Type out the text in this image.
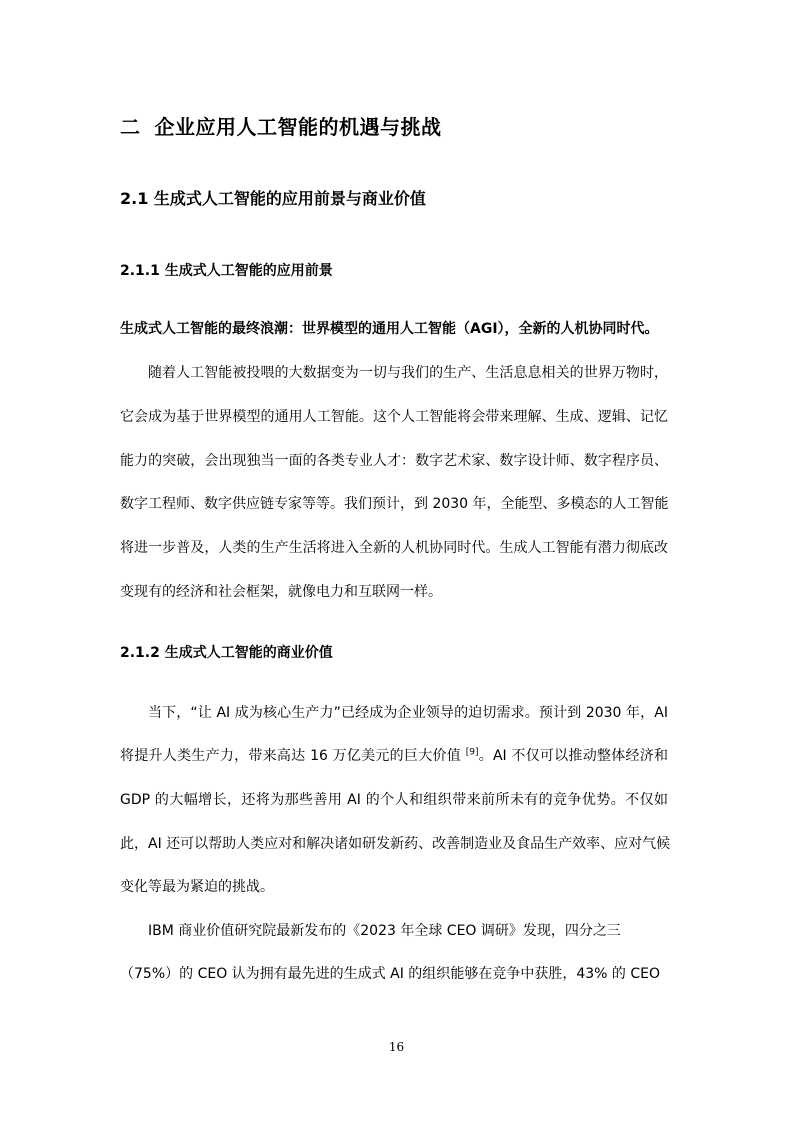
二 企业应用人工智能的机遇与挑战
2.1 生成式人工智能的应用前景与商业价值
2.1.1 生成式人工智能的应用前景
生成式人工智能的最终浪潮：世界模型的通用人工智能（AGI），全新的人机协同时代。
随着人工智能被投喂的大数据变为一切与我们的生产、生活息息相关的世界万物时，
它会成为基于世界模型的通用人工智能。这个人工智能将会带来理解、生成、逻辑、记忆
能力的突破，会出现独当一面的各类专业人才：数字艺术家、数字设计师、数字程序员、
数字工程师、数字供应链专家等等。我们预计，到 2030 年，全能型、多模态的人工智能
将进一步普及，人类的生产生活将进入全新的人机协同时代。生成人工智能有潜力彻底改
变现有的经济和社会框架，就像电力和互联网一样。
2.1.2 生成式人工智能的商业价值
当下，“让 AI 成为核心生产力”已经成为企业领导的迫切需求。预计到 2030 年，AI
将提升人类生产力，带来高达 16 万亿美元的巨大价值 [9]。AI 不仅可以推动整体经济和
GDP 的大幅增长，还将为那些善用 AI 的个人和组织带来前所未有的竞争优势。不仅如
此，AI 还可以帮助人类应对和解决诸如研发新药、改善制造业及食品生产效率、应对气候
变化等最为紧迫的挑战。
IBM 商业价值研究院最新发布的《2023 年全球 CEO 调研》发现，四分之三
（75%）的 CEO 认为拥有最先进的生成式 AI 的组织能够在竞争中获胜，43% 的 CEO
16
